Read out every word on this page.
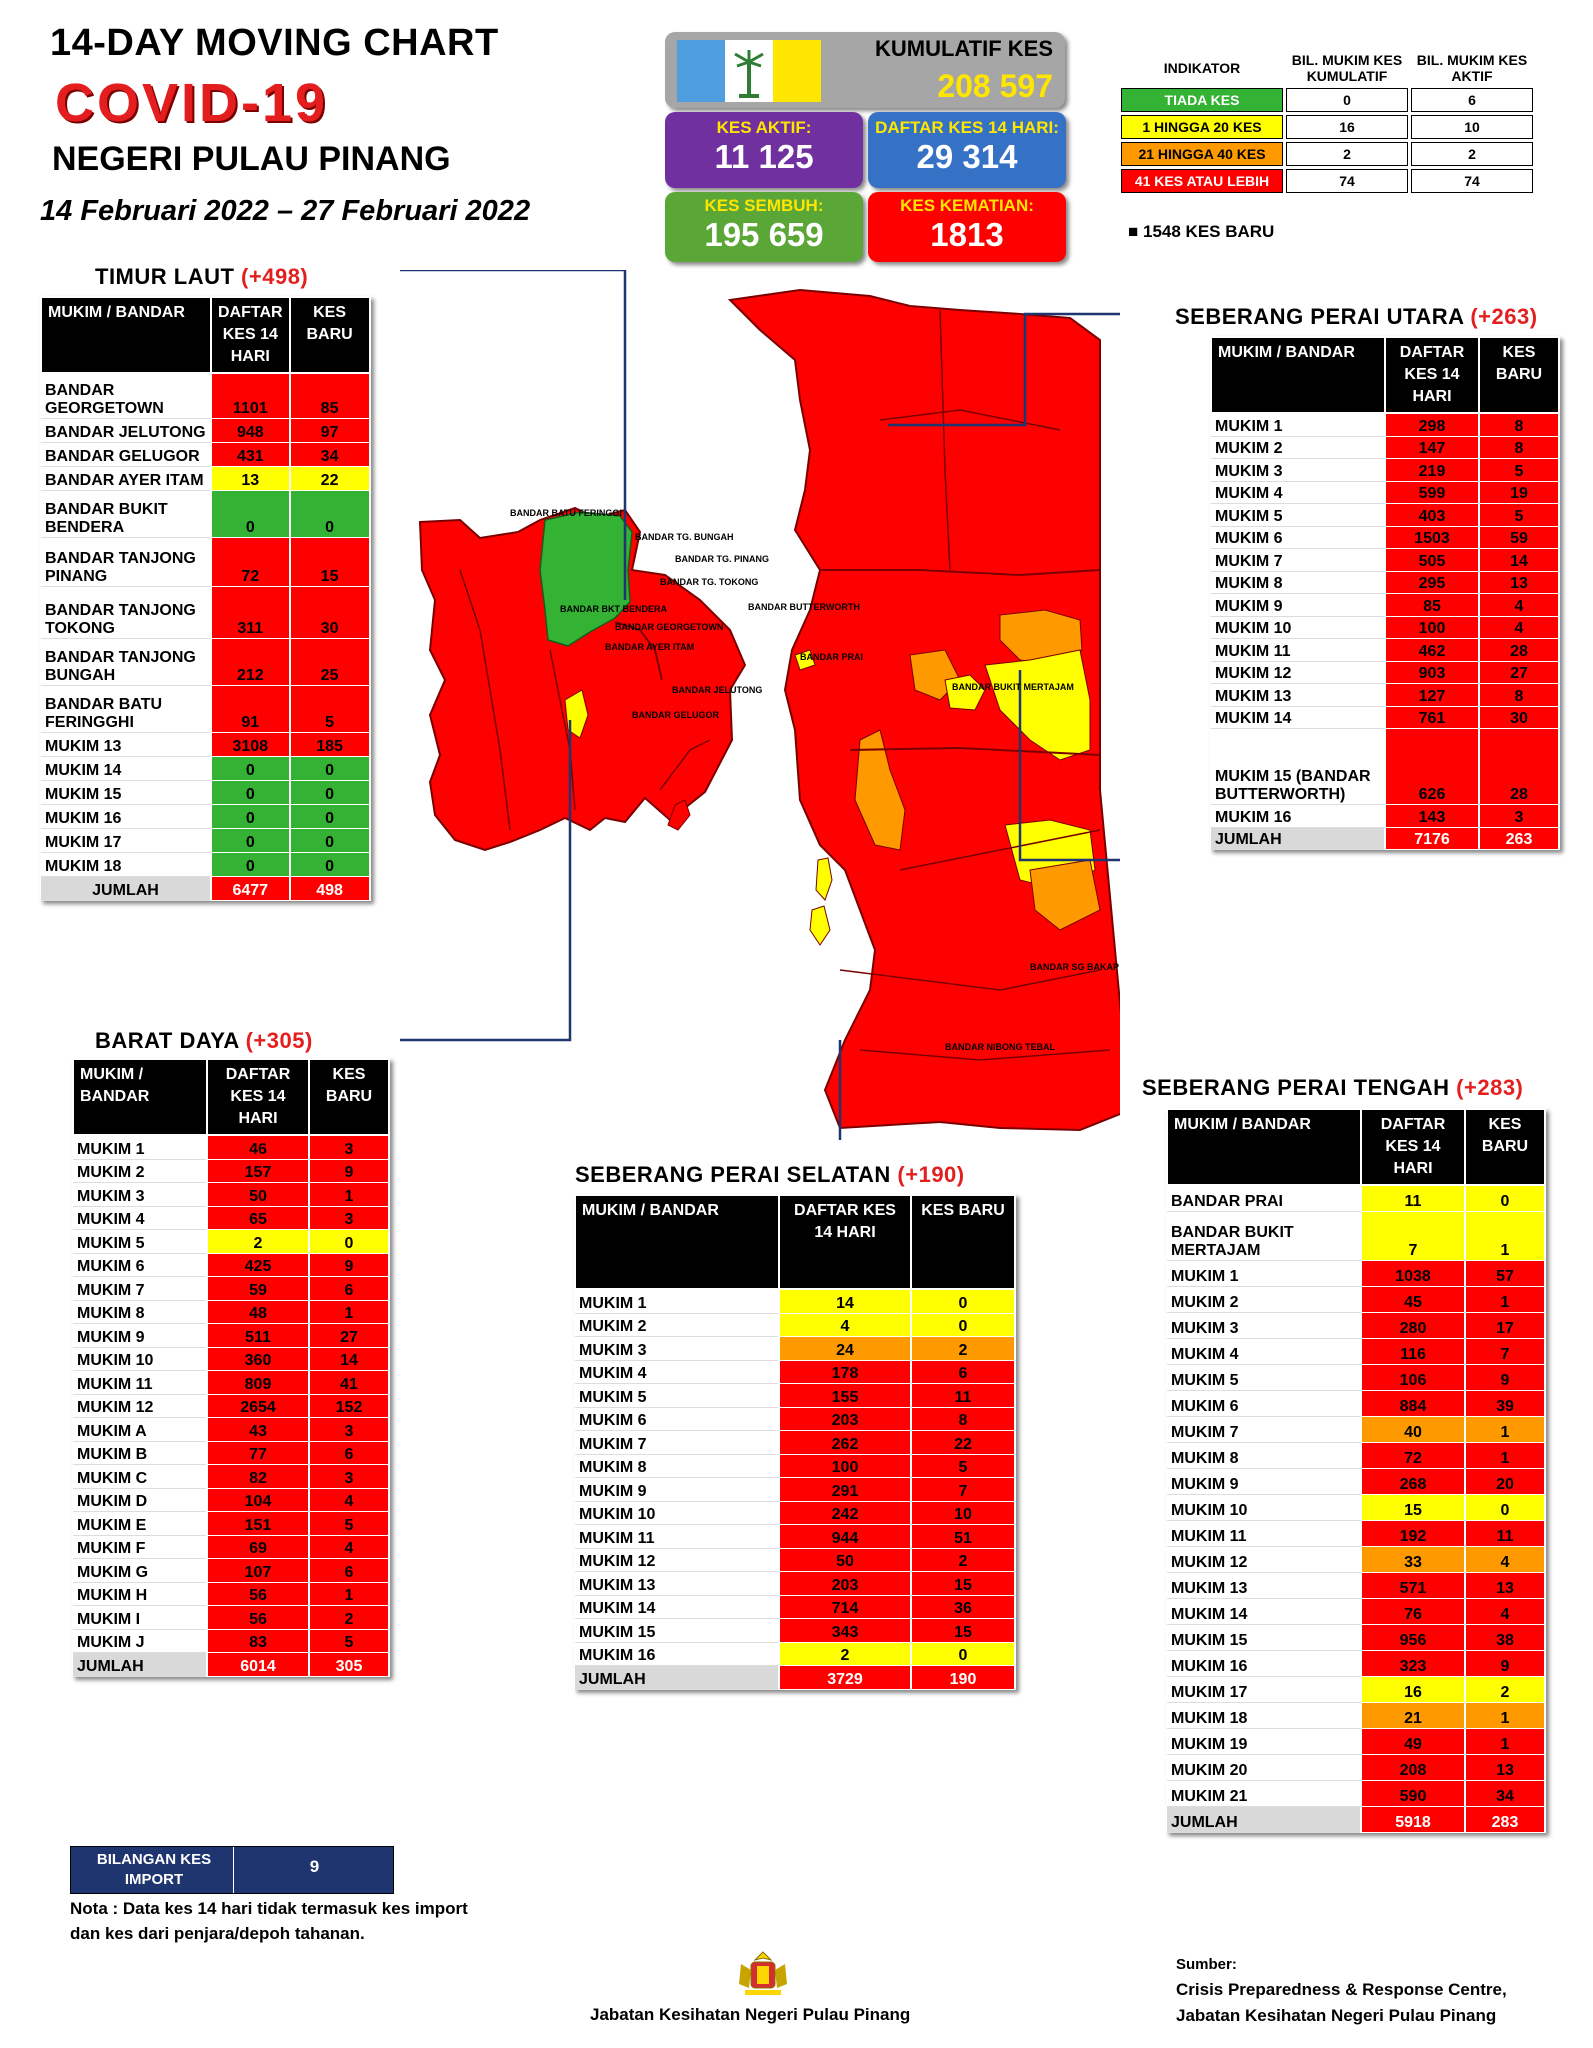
14-DAY MOVING CHART
COVID-19
NEGERI PULAU PINANG
14 Februari 2022 – 27 Februari 2022
KUMULATIF KES
208 597
KES AKTIF:
11 125
DAFTAR KES 14 HARI:
29 314
KES SEMBUH:
195 659
KES KEMATIAN:
1813
INDIKATOR	BIL. MUKIM KES KUMULATIF	BIL. MUKIM KES AKTIF
TIADA KES	0	6
1 HINGGA 20 KES	16	10
21 HINGGA 40 KES	2	2
41 KES ATAU LEBIH	74	74
■ 1548 KES BARU
TIMUR LAUT (+498)
BARAT DAYA (+305)
SEBERANG PERAI UTARA (+263)
SEBERANG PERAI TENGAH (+283)
SEBERANG PERAI SELATAN (+190)
MUKIM / BANDAR	DAFTAR KES 14 HARI	KES BARU
BANDAR GEORGETOWN	1101	85
BANDAR JELUTONG	948	97
BANDAR GELUGOR	431	34
BANDAR AYER ITAM	13	22
BANDAR BUKIT BENDERA	0	0
BANDAR TANJONG PINANG	72	15
BANDAR TANJONG TOKONG	311	30
BANDAR TANJONG BUNGAH	212	25
BANDAR BATU FERINGGHI	91	5
MUKIM 13	3108	185
MUKIM 14	0	0
MUKIM 15	0	0
MUKIM 16	0	0
MUKIM 17	0	0
MUKIM 18	0	0
JUMLAH	6477	498
MUKIM / BANDAR	DAFTAR KES 14 HARI	KES BARU
MUKIM 1	46	3
MUKIM 2	157	9
MUKIM 3	50	1
MUKIM 4	65	3
MUKIM 5	2	0
MUKIM 6	425	9
MUKIM 7	59	6
MUKIM 8	48	1
MUKIM 9	511	27
MUKIM 10	360	14
MUKIM 11	809	41
MUKIM 12	2654	152
MUKIM A	43	3
MUKIM B	77	6
MUKIM C	82	3
MUKIM D	104	4
MUKIM E	151	5
MUKIM F	69	4
MUKIM G	107	6
MUKIM H	56	1
MUKIM I	56	2
MUKIM J	83	5
JUMLAH	6014	305
MUKIM / BANDAR	DAFTAR KES 14 HARI	KES BARU
MUKIM 1	298	8
MUKIM 2	147	8
MUKIM 3	219	5
MUKIM 4	599	19
MUKIM 5	403	5
MUKIM 6	1503	59
MUKIM 7	505	14
MUKIM 8	295	13
MUKIM 9	85	4
MUKIM 10	100	4
MUKIM 11	462	28
MUKIM 12	903	27
MUKIM 13	127	8
MUKIM 14	761	30
MUKIM 15 (BANDAR BUTTERWORTH)	626	28
MUKIM 16	143	3
JUMLAH	7176	263
MUKIM / BANDAR	DAFTAR KES 14 HARI	KES BARU
BANDAR PRAI	11	0
BANDAR BUKIT MERTAJAM	7	1
MUKIM 1	1038	57
MUKIM 2	45	1
MUKIM 3	280	17
MUKIM 4	116	7
MUKIM 5	106	9
MUKIM 6	884	39
MUKIM 7	40	1
MUKIM 8	72	1
MUKIM 9	268	20
MUKIM 10	15	0
MUKIM 11	192	11
MUKIM 12	33	4
MUKIM 13	571	13
MUKIM 14	76	4
MUKIM 15	956	38
MUKIM 16	323	9
MUKIM 17	16	2
MUKIM 18	21	1
MUKIM 19	49	1
MUKIM 20	208	13
MUKIM 21	590	34
JUMLAH	5918	283
MUKIM / BANDAR	DAFTAR KES 14 HARI	KES BARU
MUKIM 1	14	0
MUKIM 2	4	0
MUKIM 3	24	2
MUKIM 4	178	6
MUKIM 5	155	11
MUKIM 6	203	8
MUKIM 7	262	22
MUKIM 8	100	5
MUKIM 9	291	7
MUKIM 10	242	10
MUKIM 11	944	51
MUKIM 12	50	2
MUKIM 13	203	15
MUKIM 14	714	36
MUKIM 15	343	15
MUKIM 16	2	0
JUMLAH	3729	190
BANDAR BATU FERINGGI
BANDAR TG. BUNGAH
BANDAR TG. PINANG
BANDAR TG. TOKONG
BANDAR BKT BENDERA
BANDAR GEORGETOWN
BANDAR AYER ITAM
BANDAR JELUTONG
BANDAR GELUGOR
BANDAR BUTTERWORTH
BANDAR PRAI
BANDAR BUKIT MERTAJAM
BANDAR SG BAKAP
BANDAR NIBONG TEBAL
BILANGAN KES IMPORT
9
Nota : Data kes 14 hari tidak termasuk kes import dan kes dari penjara/depoh tahanan.
Jabatan Kesihatan Negeri Pulau Pinang
Sumber:
Crisis Preparedness & Response Centre,
Jabatan Kesihatan Negeri Pulau Pinang
